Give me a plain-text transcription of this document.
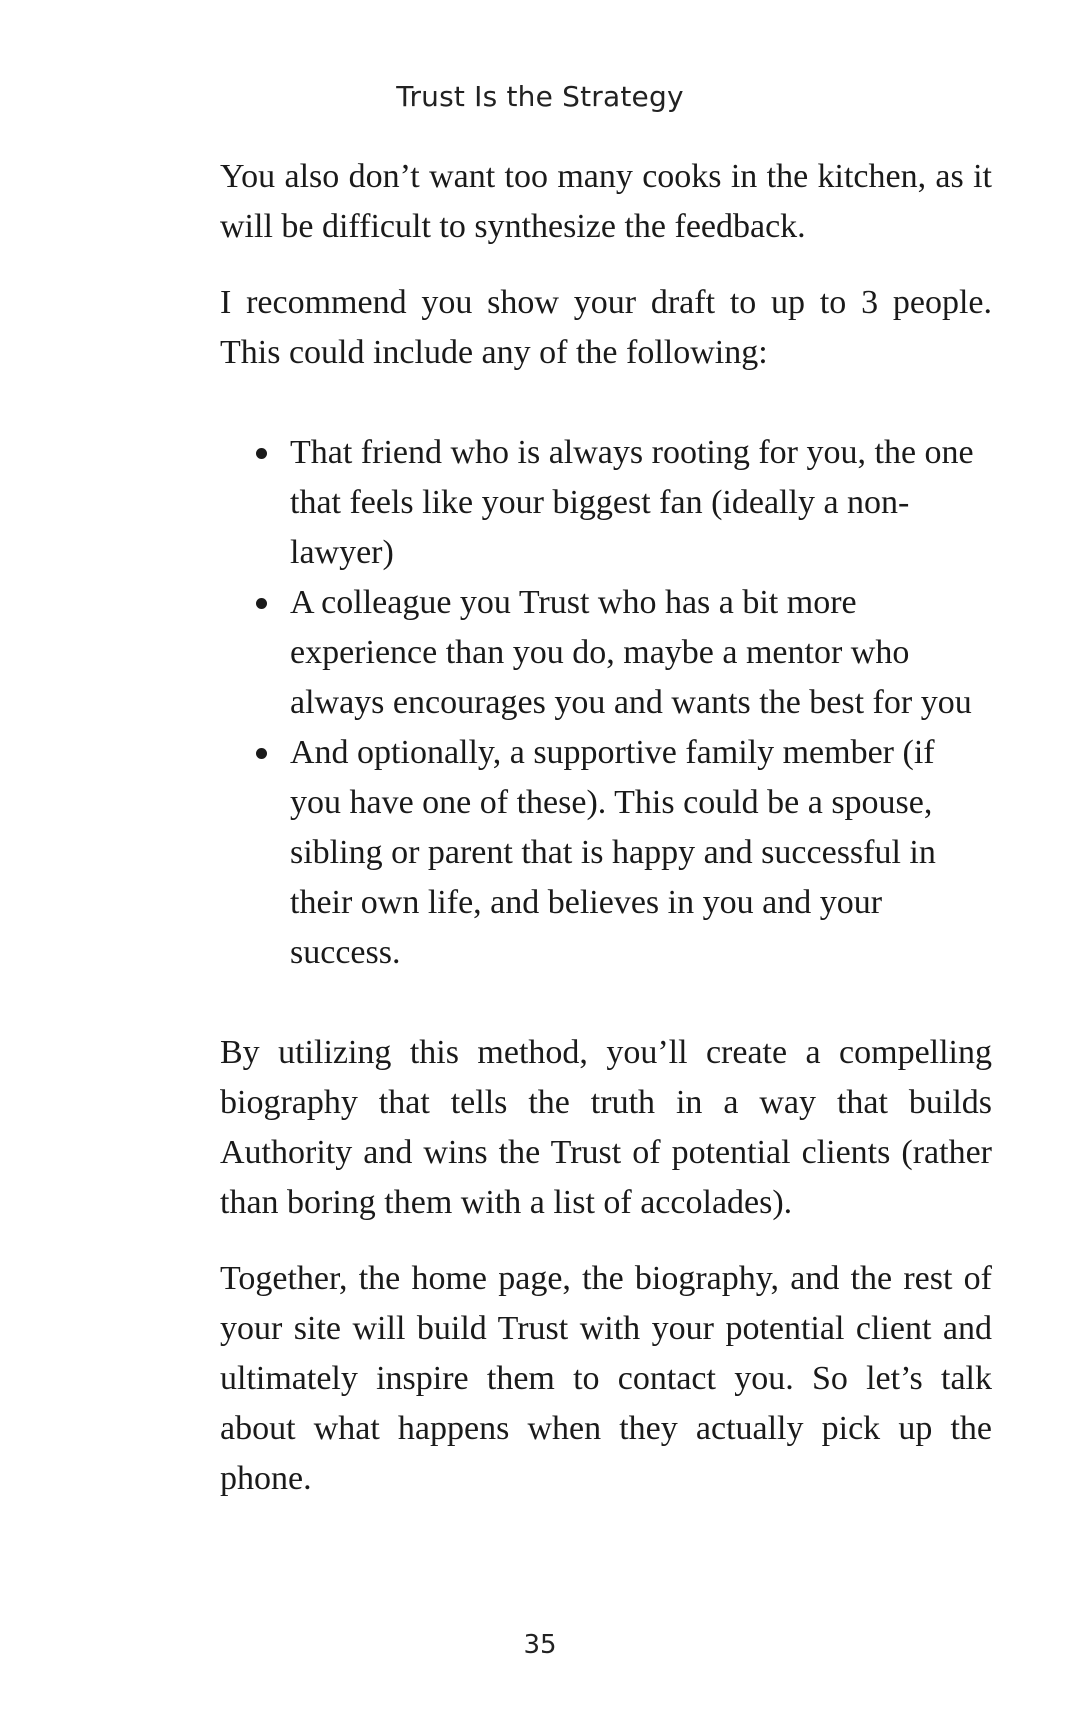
Trust Is the Strategy

You also don’t want too many cooks in the kitchen, as it will be difficult to synthesize the feedback.

I recommend you show your draft to up to 3 people. This could include any of the following:

That friend who is always rooting for you, the one that feels like your biggest fan (ideally a non-lawyer)
A colleague you Trust who has a bit more experience than you do, maybe a mentor who always encourages you and wants the best for you
And optionally, a supportive family member (if you have one of these). This could be a spouse, sibling or parent that is happy and successful in their own life, and believes in you and your success.

By utilizing this method, you’ll create a compelling biography that tells the truth in a way that builds Authority and wins the Trust of potential clients (rather than boring them with a list of accolades).

Together, the home page, the biography, and the rest of your site will build Trust with your potential client and ultimately inspire them to contact you. So let’s talk about what happens when they actually pick up the phone.

35
